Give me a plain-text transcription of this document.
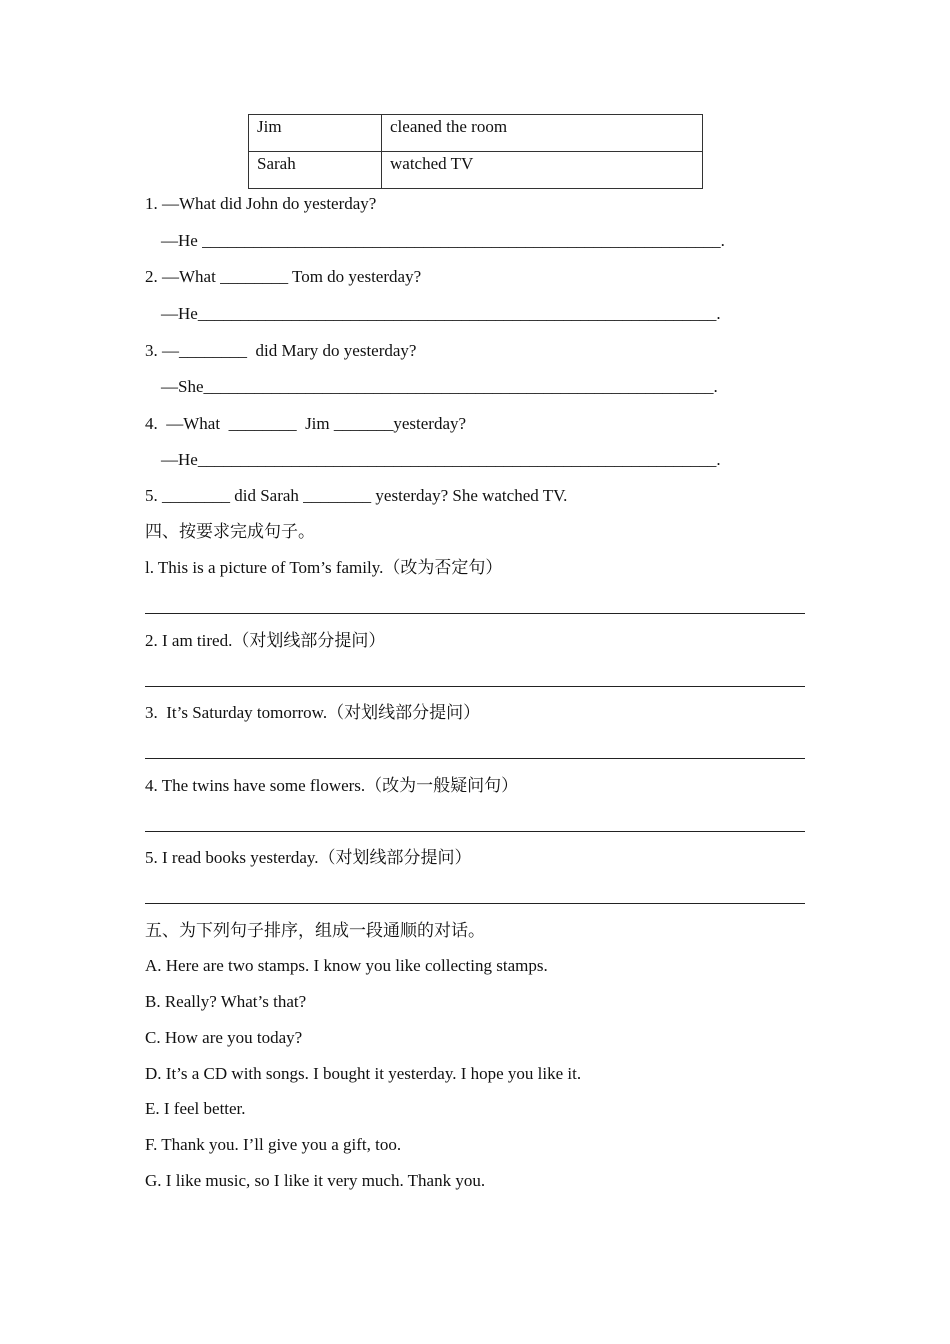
Jim	cleaned the room
Sarah	watched TV
1. —What did John do yesterday?
—He _____________________________________________________________.
2. —What ________ Tom do yesterday?
—He_____________________________________________________________.
3. —________  did Mary do yesterday?
—She____________________________________________________________.
4.  —What  ________  Jim _______yesterday?
—He_____________________________________________________________.
5. ________ did Sarah ________ yesterday? She watched TV.
四、按要求完成句子。
l. This is a picture of Tom’s family.（改为否定句）
2. I am tired.（对划线部分提问）
3.  It’s Saturday tomorrow.（对划线部分提问）
4. The twins have some flowers.（改为一般疑问句）
5. I read books yesterday.（对划线部分提问）
五、为下列句子排序，组成一段通顺的对话。
A. Here are two stamps. I know you like collecting stamps.
B. Really? What’s that?
C. How are you today?
D. It’s a CD with songs. I bought it yesterday. I hope you like it.
E. I feel better.
F. Thank you. I’ll give you a gift, too.
G. I like music, so I like it very much. Thank you.
